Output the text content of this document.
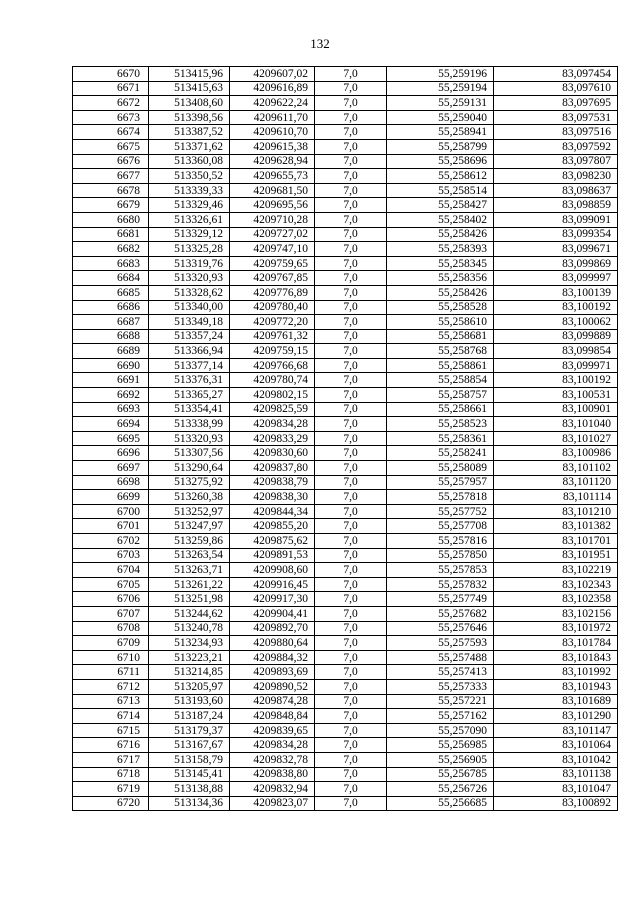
132
6670	513415,96	4209607,02	7,0	55,259196	83,097454
6671	513415,63	4209616,89	7,0	55,259194	83,097610
6672	513408,60	4209622,24	7,0	55,259131	83,097695
6673	513398,56	4209611,70	7,0	55,259040	83,097531
6674	513387,52	4209610,70	7,0	55,258941	83,097516
6675	513371,62	4209615,38	7,0	55,258799	83,097592
6676	513360,08	4209628,94	7,0	55,258696	83,097807
6677	513350,52	4209655,73	7,0	55,258612	83,098230
6678	513339,33	4209681,50	7,0	55,258514	83,098637
6679	513329,46	4209695,56	7,0	55,258427	83,098859
6680	513326,61	4209710,28	7,0	55,258402	83,099091
6681	513329,12	4209727,02	7,0	55,258426	83,099354
6682	513325,28	4209747,10	7,0	55,258393	83,099671
6683	513319,76	4209759,65	7,0	55,258345	83,099869
6684	513320,93	4209767,85	7,0	55,258356	83,099997
6685	513328,62	4209776,89	7,0	55,258426	83,100139
6686	513340,00	4209780,40	7,0	55,258528	83,100192
6687	513349,18	4209772,20	7,0	55,258610	83,100062
6688	513357,24	4209761,32	7,0	55,258681	83,099889
6689	513366,94	4209759,15	7,0	55,258768	83,099854
6690	513377,14	4209766,68	7,0	55,258861	83,099971
6691	513376,31	4209780,74	7,0	55,258854	83,100192
6692	513365,27	4209802,15	7,0	55,258757	83,100531
6693	513354,41	4209825,59	7,0	55,258661	83,100901
6694	513338,99	4209834,28	7,0	55,258523	83,101040
6695	513320,93	4209833,29	7,0	55,258361	83,101027
6696	513307,56	4209830,60	7,0	55,258241	83,100986
6697	513290,64	4209837,80	7,0	55,258089	83,101102
6698	513275,92	4209838,79	7,0	55,257957	83,101120
6699	513260,38	4209838,30	7,0	55,257818	83,101114
6700	513252,97	4209844,34	7,0	55,257752	83,101210
6701	513247,97	4209855,20	7,0	55,257708	83,101382
6702	513259,86	4209875,62	7,0	55,257816	83,101701
6703	513263,54	4209891,53	7,0	55,257850	83,101951
6704	513263,71	4209908,60	7,0	55,257853	83,102219
6705	513261,22	4209916,45	7,0	55,257832	83,102343
6706	513251,98	4209917,30	7,0	55,257749	83,102358
6707	513244,62	4209904,41	7,0	55,257682	83,102156
6708	513240,78	4209892,70	7,0	55,257646	83,101972
6709	513234,93	4209880,64	7,0	55,257593	83,101784
6710	513223,21	4209884,32	7,0	55,257488	83,101843
6711	513214,85	4209893,69	7,0	55,257413	83,101992
6712	513205,97	4209890,52	7,0	55,257333	83,101943
6713	513193,60	4209874,28	7,0	55,257221	83,101689
6714	513187,24	4209848,84	7,0	55,257162	83,101290
6715	513179,37	4209839,65	7,0	55,257090	83,101147
6716	513167,67	4209834,28	7,0	55,256985	83,101064
6717	513158,79	4209832,78	7,0	55,256905	83,101042
6718	513145,41	4209838,80	7,0	55,256785	83,101138
6719	513138,88	4209832,94	7,0	55,256726	83,101047
6720	513134,36	4209823,07	7,0	55,256685	83,100892
